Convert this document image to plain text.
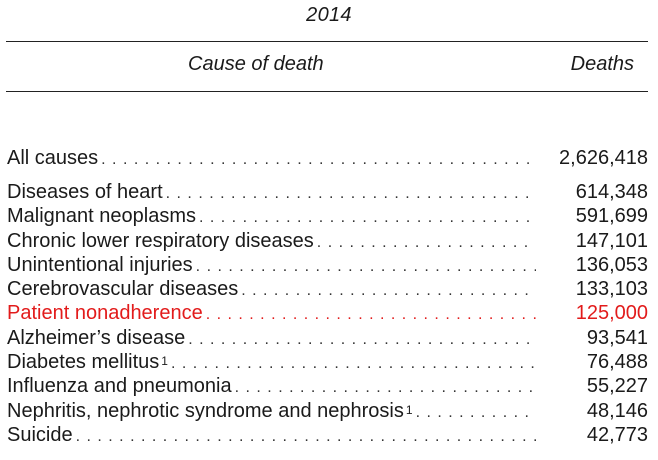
2014
Cause of death	Deaths
All causes . . .	2,626,418
Diseases of heart . . .	614,348
Malignant neoplasms . . .	591,699
Chronic lower respiratory diseases . . .	147,101
Unintentional injuries . . .	136,053
Cerebrovascular diseases . . .	133,103
Patient nonadherence . . .	125,000
Alzheimer’s disease . . .	93,541
Diabetes mellitus $^1$ . . .	76,488
Influenza and pneumonia . . .	55,227
Nephritis, nephrotic syndrome and nephrosis $^1$ . . .	48,146
Suicide . . .	42,773
